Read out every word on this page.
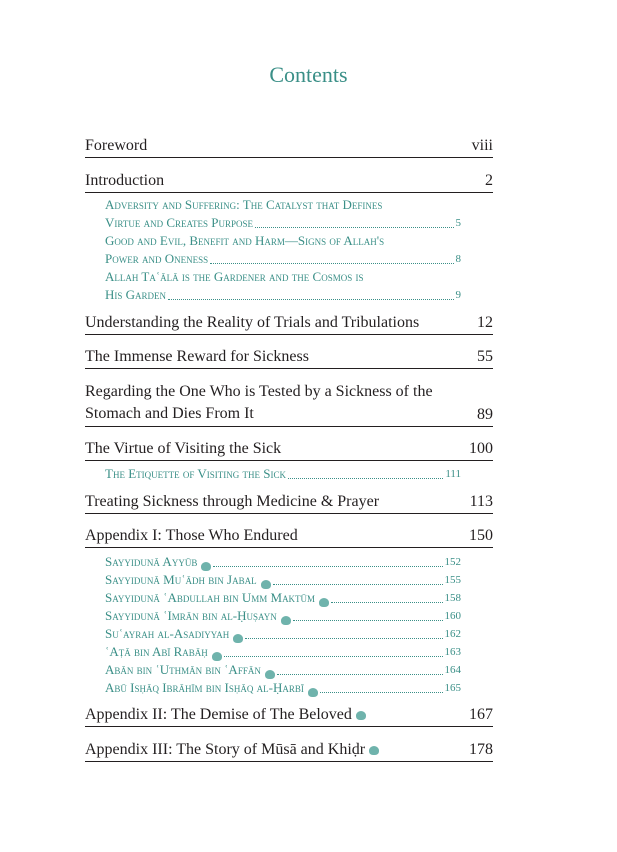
Contents
Foreword	viii
Introduction	2
Adversity and Suffering: The Catalyst that Defines
Virtue and Creates Purpose	5
Good and Evil, Benefit and Harm—Signs of Allah's
Power and Oneness	8
Allah Taʿālā is the Gardener and the Cosmos is
His Garden	9
Understanding the Reality of Trials and Tribulations	12
The Immense Reward for Sickness	55
Regarding the One Who is Tested by a Sickness of the
Stomach and Dies From It	89
The Virtue of Visiting the Sick	100
The Etiquette of Visiting the Sick	111
Treating Sickness through Medicine & Prayer	113
Appendix I: Those Who Endured	150
Sayyidunā Ayyūb	152
Sayyidunā Muʿādh bin Jabal	155
Sayyidunā ʿAbdullah bin Umm Maktūm	158
Sayyidunā ʿImrān bin al-Ḥuṣayn	160
Suʿayrah al-Asadiyyah	162
ʿAṭā bin Abī Rabāḥ	163
Abān bin ʿUthmān bin ʿAffān	164
Abū Isḥāq Ibrāhīm bin Isḥāq al-Ḥarbī	165
Appendix II: The Demise of The Beloved	167
Appendix III: The Story of Mūsā and Khiḍr	178
